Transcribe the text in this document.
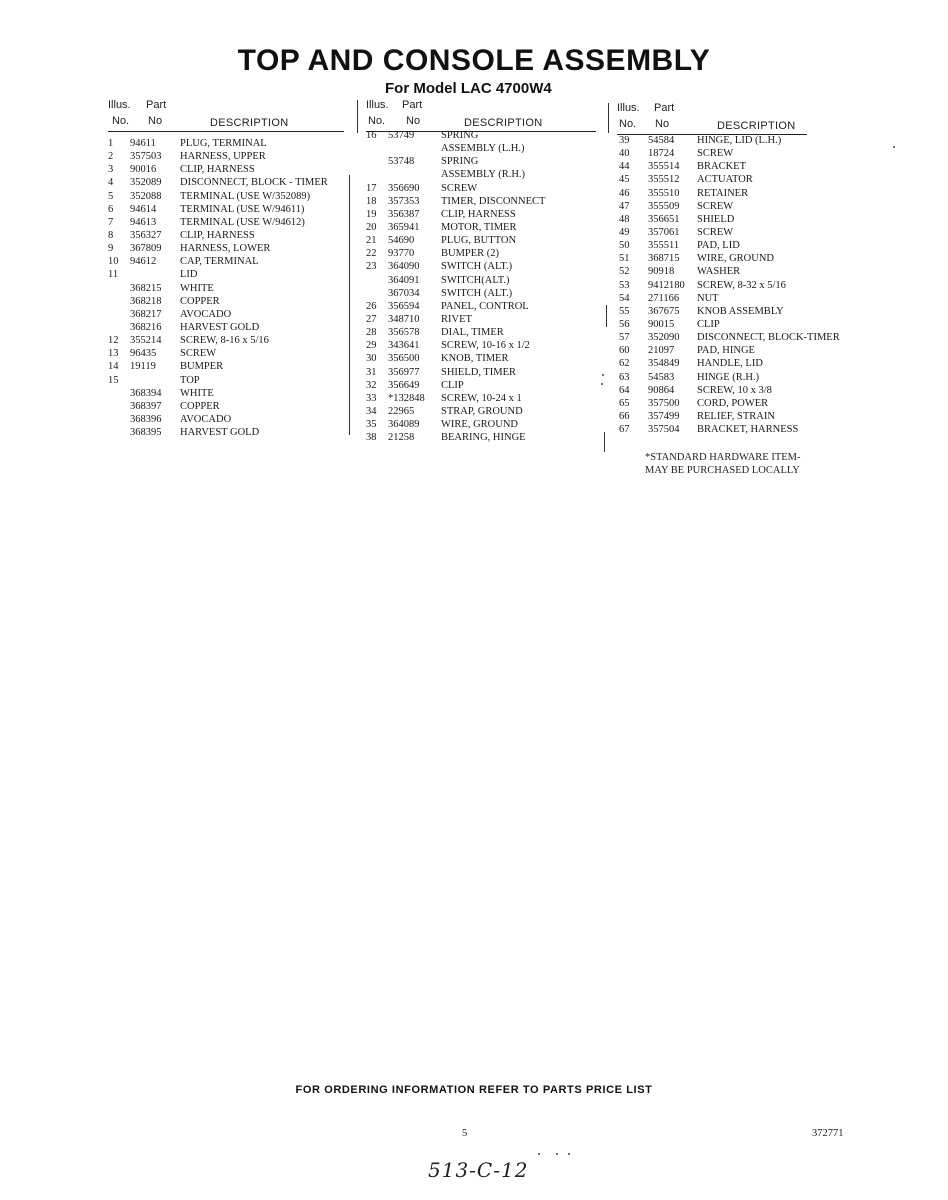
TOP AND CONSOLE ASSEMBLY
For Model LAC 4700W4
Illus. Part
No. No	DESCRIPTION
1 94611 PLUG, TERMINAL
2 357503 HARNESS, UPPER
3 90016 CLIP, HARNESS
4 352089 DISCONNECT, BLOCK - TIMER
5 352088 TERMINAL (USE W/352089)
6 94614 TERMINAL (USE W/94611)
7 94613 TERMINAL (USE W/94612)
8 356327 CLIP, HARNESS
9 367809 HARNESS, LOWER
10 94612 CAP, TERMINAL
11	LID
368215 WHITE
368218 COPPER
368217 AVOCADO
368216 HARVEST GOLD
12 355214 SCREW, 8-16 x 5/16
13 96435 SCREW
14 19119 BUMPER
15	TOP
368394 WHITE
368397 COPPER
368396 AVOCADO
368395 HARVEST GOLD
Illus. Part
No. No	DESCRIPTION
16 53749	SPRING
ASSEMBLY (L.H.)
53748	SPRING
ASSEMBLY (R.H.)
17 356690 SCREW
18 357353 TIMER, DISCONNECT
19 356387 CLIP, HARNESS
20 365941 MOTOR, TIMER
21 54690	PLUG, BUTTON
22 93770	BUMPER (2)
23 364090 SWITCH (ALT.)
364091 SWITCH(ALT.)
367034 SWITCH (ALT.)
26 356594 PANEL, CONTROL
27 348710 RIVET
28 356578 DIAL, TIMER
29 343641 SCREW, 10-16 x 1/2
30 356500 KNOB, TIMER
31 356977 SHIELD, TIMER
32 356649 CLIP
33 *132848 SCREW, 10-24 x 1
34 22965	STRAP, GROUND
35 364089 WIRE, GROUND
38 21258	BEARING, HINGE
Illus. Part
No. No	DESCRIPTION
39 54584 HINGE, LID (L.H.)
40 18724 SCREW
44 355514 BRACKET
45 355512 ACTUATOR
46 355510 RETAINER
47 355509 SCREW
48 356651 SHIELD
49 357061 SCREW
50 355511 PAD, LID
51 368715 WIRE, GROUND
52 90918 WASHER
53 9412180 SCREW, 8-32 x 5/16
54 271166 NUT
55 367675 KNOB ASSEMBLY
56 90015 CLIP
57 352090 DISCONNECT, BLOCK-TIMER
60 21097 PAD, HINGE
62 354849 HANDLE, LID
63 54583 HINGE (R.H.)
64 90864 SCREW, 10 x 3/8
65 357500 CORD, POWER
66 357499 RELIEF, STRAIN
67 357504 BRACKET, HARNESS
*STANDARD HARDWARE ITEM-
MAY BE PURCHASED LOCALLY
FOR ORDERING INFORMATION REFER TO PARTS PRICE LIST
5	372771
513-C-12
